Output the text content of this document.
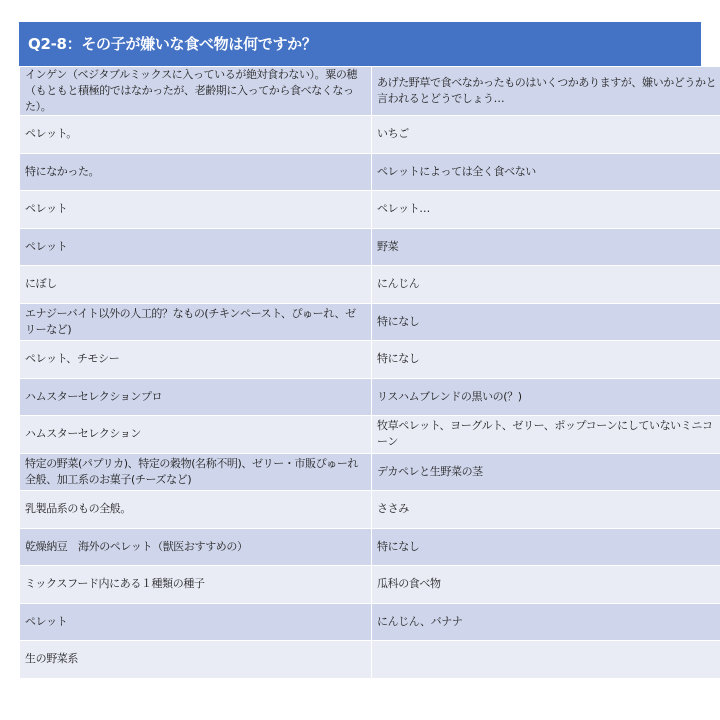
Q2-8：その子が嫌いな食べ物は何ですか？
インゲン（ベジタブルミックスに入っているが絶対食わない）。粟の穂（もともと積極的ではなかったが、老齢期に入ってから食べなくなった）。	あげた野草で食べなかったものはいくつかありますが、嫌いかどうかと言われるとどうでしょう…
ペレット。	いちご
特になかった。	ペレットによっては全く食べない
ペレット	ペレット…
ペレット	野菜
にぼし	にんじん
エナジーバイト以外の人工的？なもの(チキンペースト、ぴゅーれ、ゼリーなど)	特になし
ペレット、チモシー	特になし
ハムスターセレクションプロ	リスハムブレンドの黒いの(？)
ハムスターセレクション	牧草ペレット、ヨーグルト、ゼリー、ポップコーンにしていないミニコーン
特定の野菜(パプリカ)、特定の穀物(名称不明)、ゼリー・市販ぴゅーれ全般、加工系のお菓子(チーズなど)	デカペレと生野菜の茎
乳製品系のもの全般。	ささみ
乾燥納豆　海外のペレット（獣医おすすめの）	特になし
ミックスフード内にある１種類の種子	瓜科の食べ物
ペレット	にんじん、バナナ
生の野菜系	
